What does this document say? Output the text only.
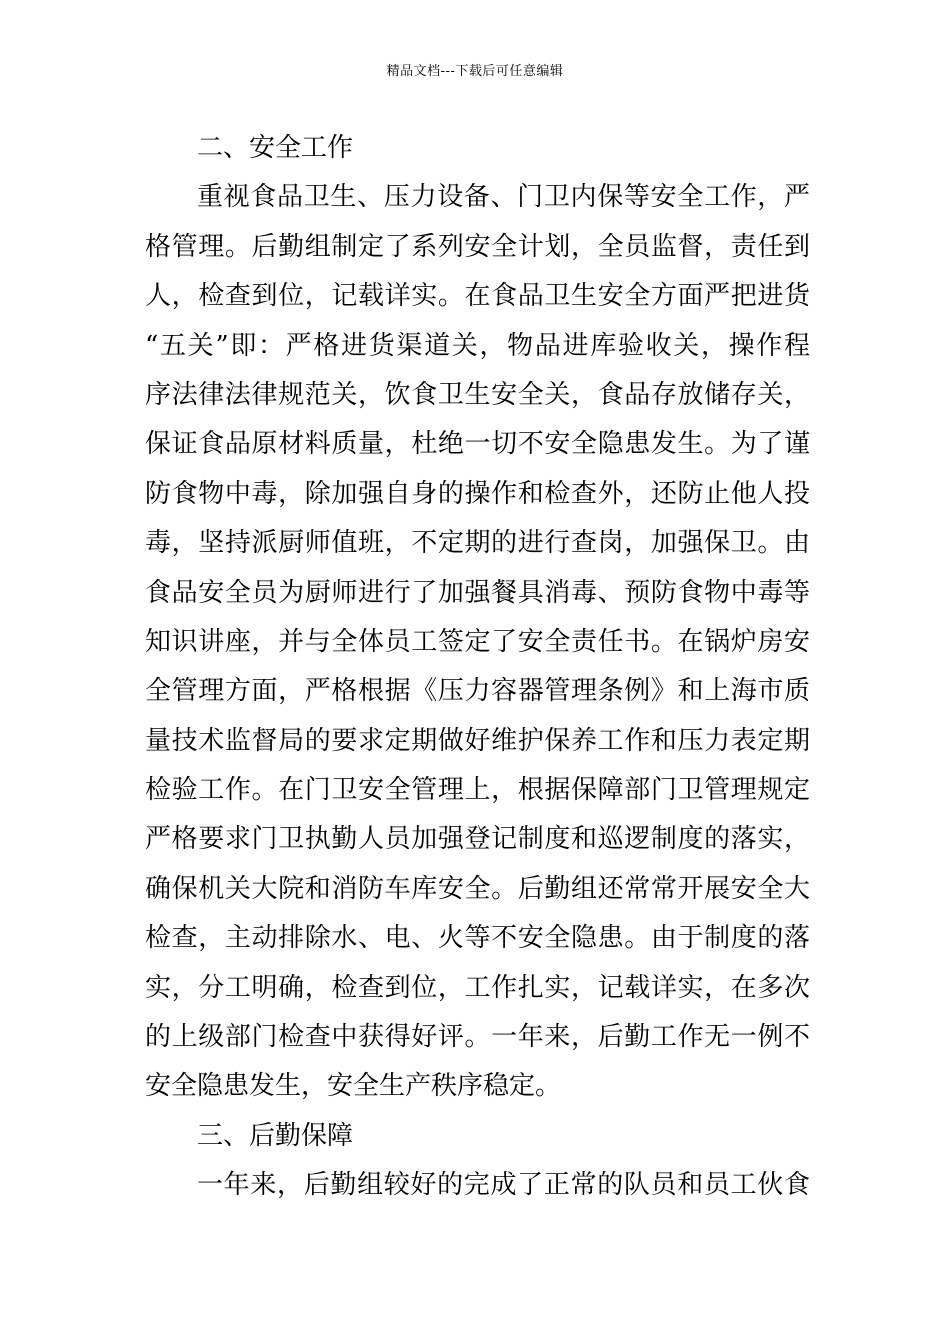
精品文档---下载后可任意编辑
二、安全工作
重视食品卫生、压力设备、门卫内保等安全工作，严
格管理。后勤组制定了系列安全计划，全员监督，责任到
人，检查到位，记载详实。在食品卫生安全方面严把进货
“五关”即：严格进货渠道关，物品进库验收关，操作程
序法律法律规范关，饮食卫生安全关，食品存放储存关，
保证食品原材料质量，杜绝一切不安全隐患发生。为了谨
防食物中毒，除加强自身的操作和检查外，还防止他人投
毒，坚持派厨师值班，不定期的进行查岗，加强保卫。由
食品安全员为厨师进行了加强餐具消毒、预防食物中毒等
知识讲座，并与全体员工签定了安全责任书。在锅炉房安
全管理方面，严格根据《压力容器管理条例》和上海市质
量技术监督局的要求定期做好维护保养工作和压力表定期
检验工作。在门卫安全管理上，根据保障部门卫管理规定
严格要求门卫执勤人员加强登记制度和巡逻制度的落实，
确保机关大院和消防车库安全。后勤组还常常开展安全大
检查，主动排除水、电、火等不安全隐患。由于制度的落
实，分工明确，检查到位，工作扎实，记载详实，在多次
的上级部门检查中获得好评。一年来，后勤工作无一例不
安全隐患发生，安全生产秩序稳定。
三、后勤保障
一年来，后勤组较好的完成了正常的队员和员工伙食
